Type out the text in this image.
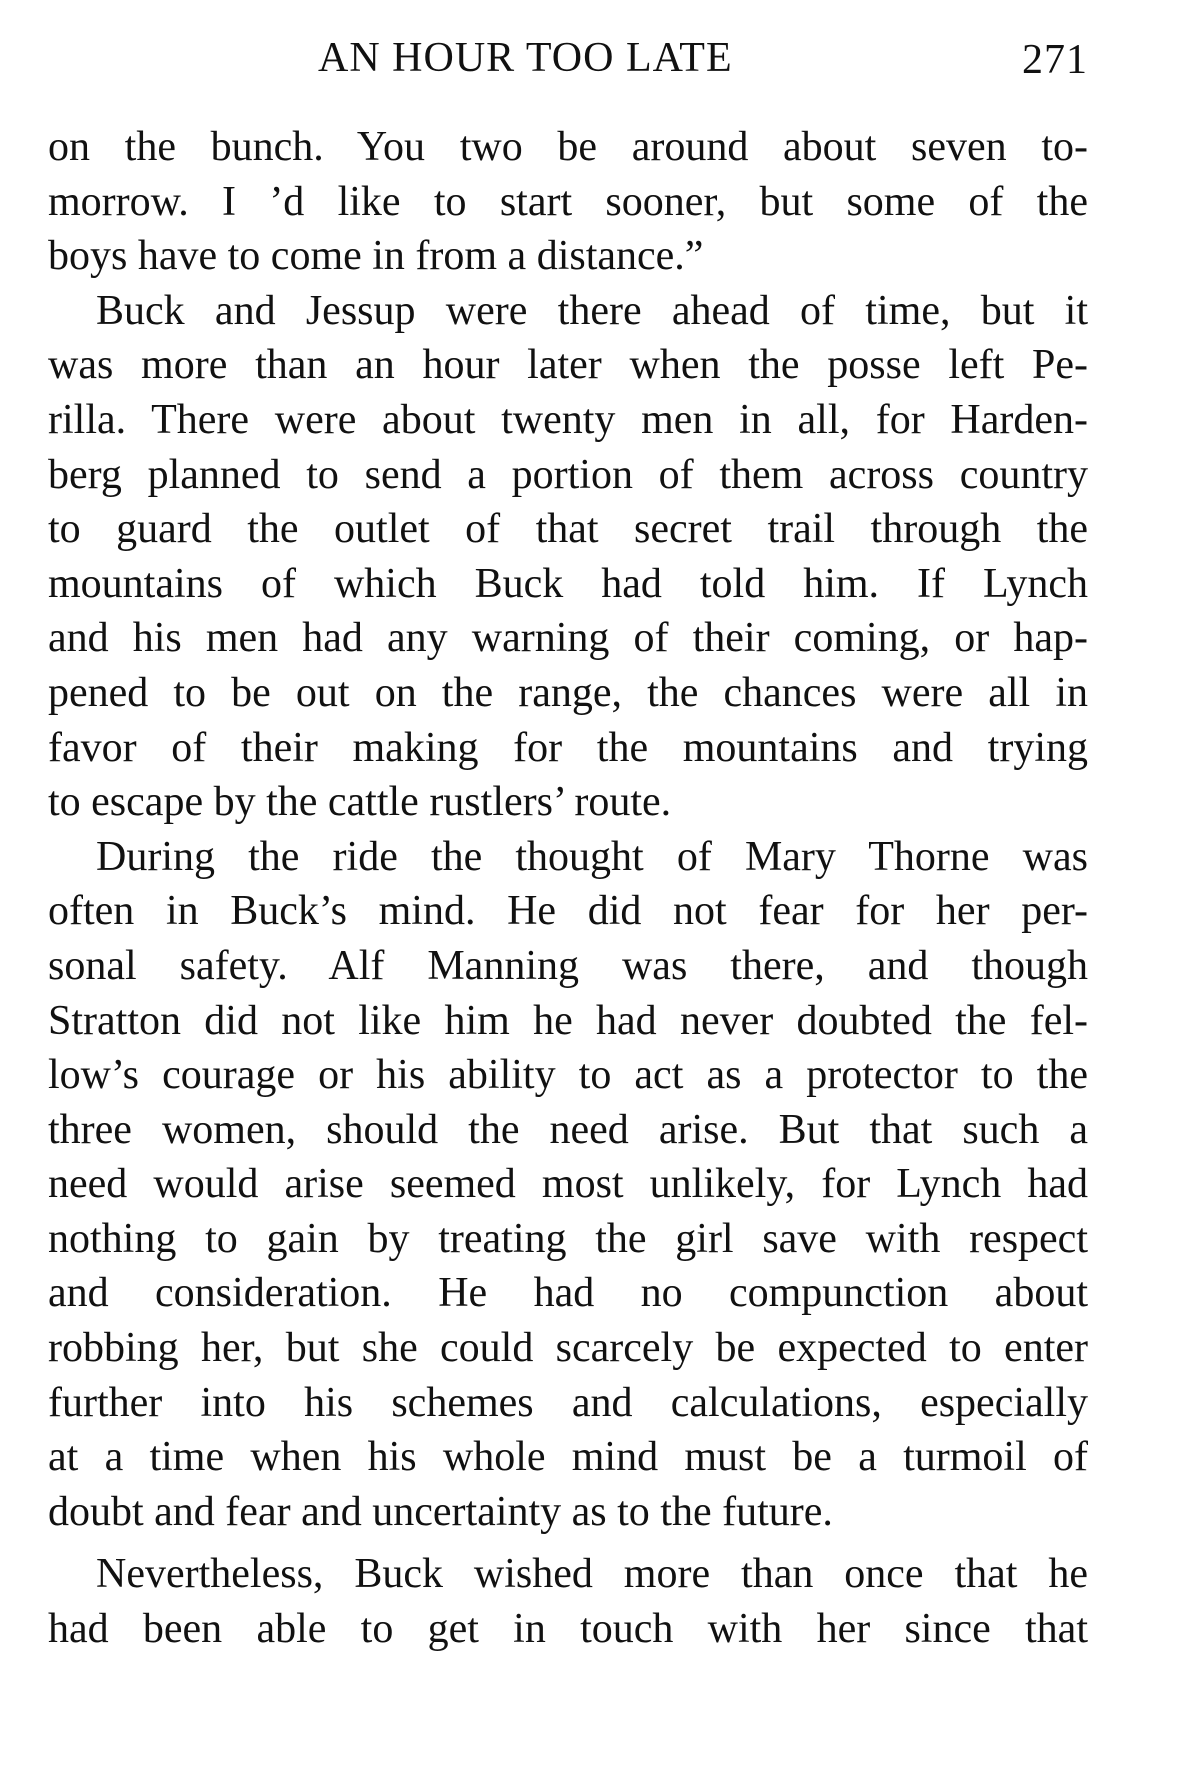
AN HOUR TOO LATE	271
on the bunch. You two be around about seven to-
morrow. I ’d like to start sooner, but some of the
boys have to come in from a distance.”
Buck and Jessup were there ahead of time, but it
was more than an hour later when the posse left Pe-
rilla. There were about twenty men in all, for Harden-
berg planned to send a portion of them across country
to guard the outlet of that secret trail through the
mountains of which Buck had told him. If Lynch
and his men had any warning of their coming, or hap-
pened to be out on the range, the chances were all in
favor of their making for the mountains and trying
to escape by the cattle rustlers’ route.
During the ride the thought of Mary Thorne was
often in Buck’s mind. He did not fear for her per-
sonal safety. Alf Manning was there, and though
Stratton did not like him he had never doubted the fel-
low’s courage or his ability to act as a protector to the
three women, should the need arise. But that such a
need would arise seemed most unlikely, for Lynch had
nothing to gain by treating the girl save with respect
and consideration. He had no compunction about
robbing her, but she could scarcely be expected to enter
further into his schemes and calculations, especially
at a time when his whole mind must be a turmoil of
doubt and fear and uncertainty as to the future.
Nevertheless, Buck wished more than once that he
had been able to get in touch with her since that
